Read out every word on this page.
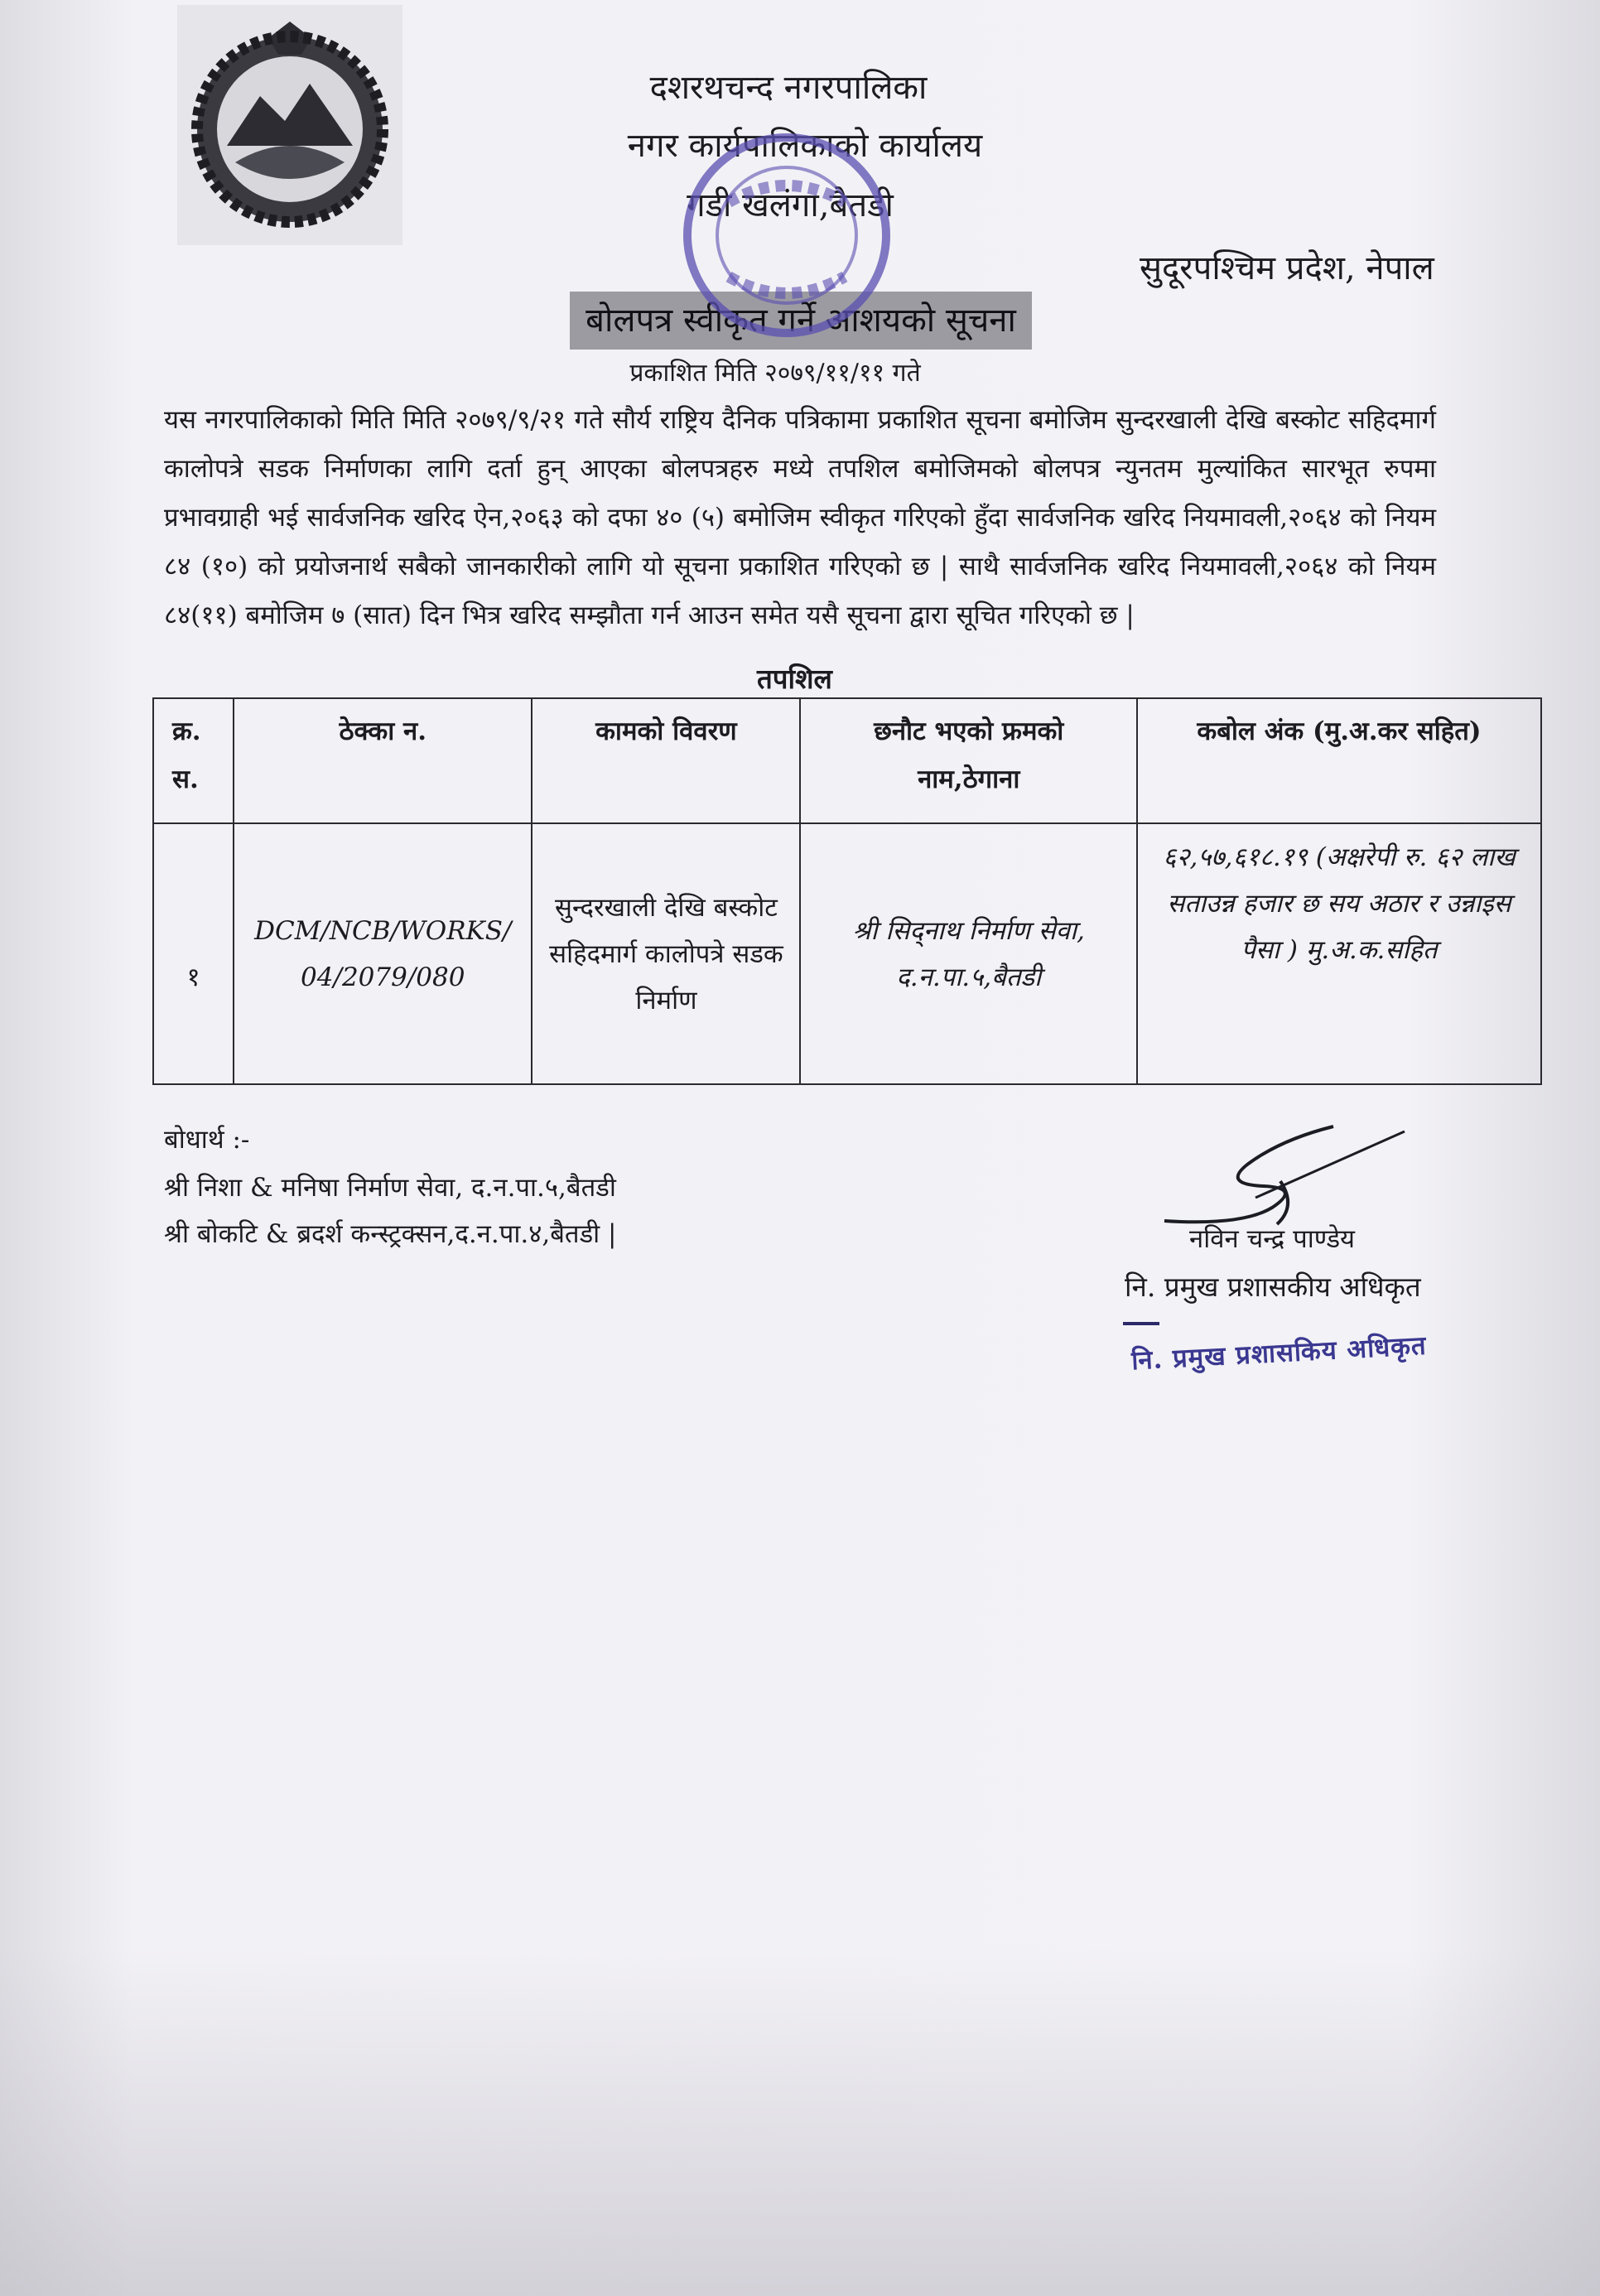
दशरथचन्द नगरपालिका
नगर कार्यपालिकाको कार्यालय
गडी खलंगा,बैतडी
सुदूरपश्चिम प्रदेश, नेपाल
बोलपत्र स्वीकृत गर्ने आशयको सूचना
प्रकाशित मिति २०७९/११/११ गते
यस नगरपालिकाको मिति मिति २०७९/९/२१ गते सौर्य राष्ट्रिय दैनिक पत्रिकामा प्रकाशित सूचना बमोजिम सुन्दरखाली देखि बस्कोट सहिदमार्ग कालोपत्रे सडक निर्माणका लागि दर्ता हुन् आएका बोलपत्रहरु मध्ये तपशिल बमोजिमको बोलपत्र न्युनतम मुल्यांकित सारभूत रुपमा प्रभावग्राही भई सार्वजनिक खरिद ऐन,२०६३ को दफा ४० (५) बमोजिम स्वीकृत गरिएको हुँदा सार्वजनिक खरिद नियमावली,२०६४ को नियम ८४ (१०) को प्रयोजनार्थ सबैको जानकारीको लागि यो सूचना प्रकाशित गरिएको छ | साथै सार्वजनिक खरिद नियमावली,२०६४ को नियम ८४(११) बमोजिम ७ (सात) दिन भित्र खरिद सम्झौता गर्न आउन समेत यसै सूचना द्वारा सूचित गरिएको छ |
तपशिल
क्र. स.	ठेक्का न.	कामको विवरण	छनौट भएको फ्रमको नाम,ठेगाना	कबोल अंक (मु.अ.कर सहित)
१	DCM/NCB/WORKS/ 04/2079/080	सुन्दरखाली देखि बस्कोट सहिदमार्ग कालोपत्रे सडक निर्माण	श्री सिद्नाथ निर्माण सेवा, द.न.पा.५,बैतडी	६२,५७,६१८.१९ (अक्षरेपी रु. ६२ लाख सताउन्न हजार छ सय अठार र उन्नाइस पैसा ) मु.अ.क.सहित
बोधार्थ :-
श्री निशा & मनिषा निर्माण सेवा, द.न.पा.५,बैतडी
श्री बोकटि & ब्रदर्श कन्स्ट्रक्सन,द.न.पा.४,बैतडी |	नविन चन्द्र पाण्डेय
नि. प्रमुख प्रशासकीय अधिकृत
नि. प्रमुख प्रशासकिय अधिकृत
